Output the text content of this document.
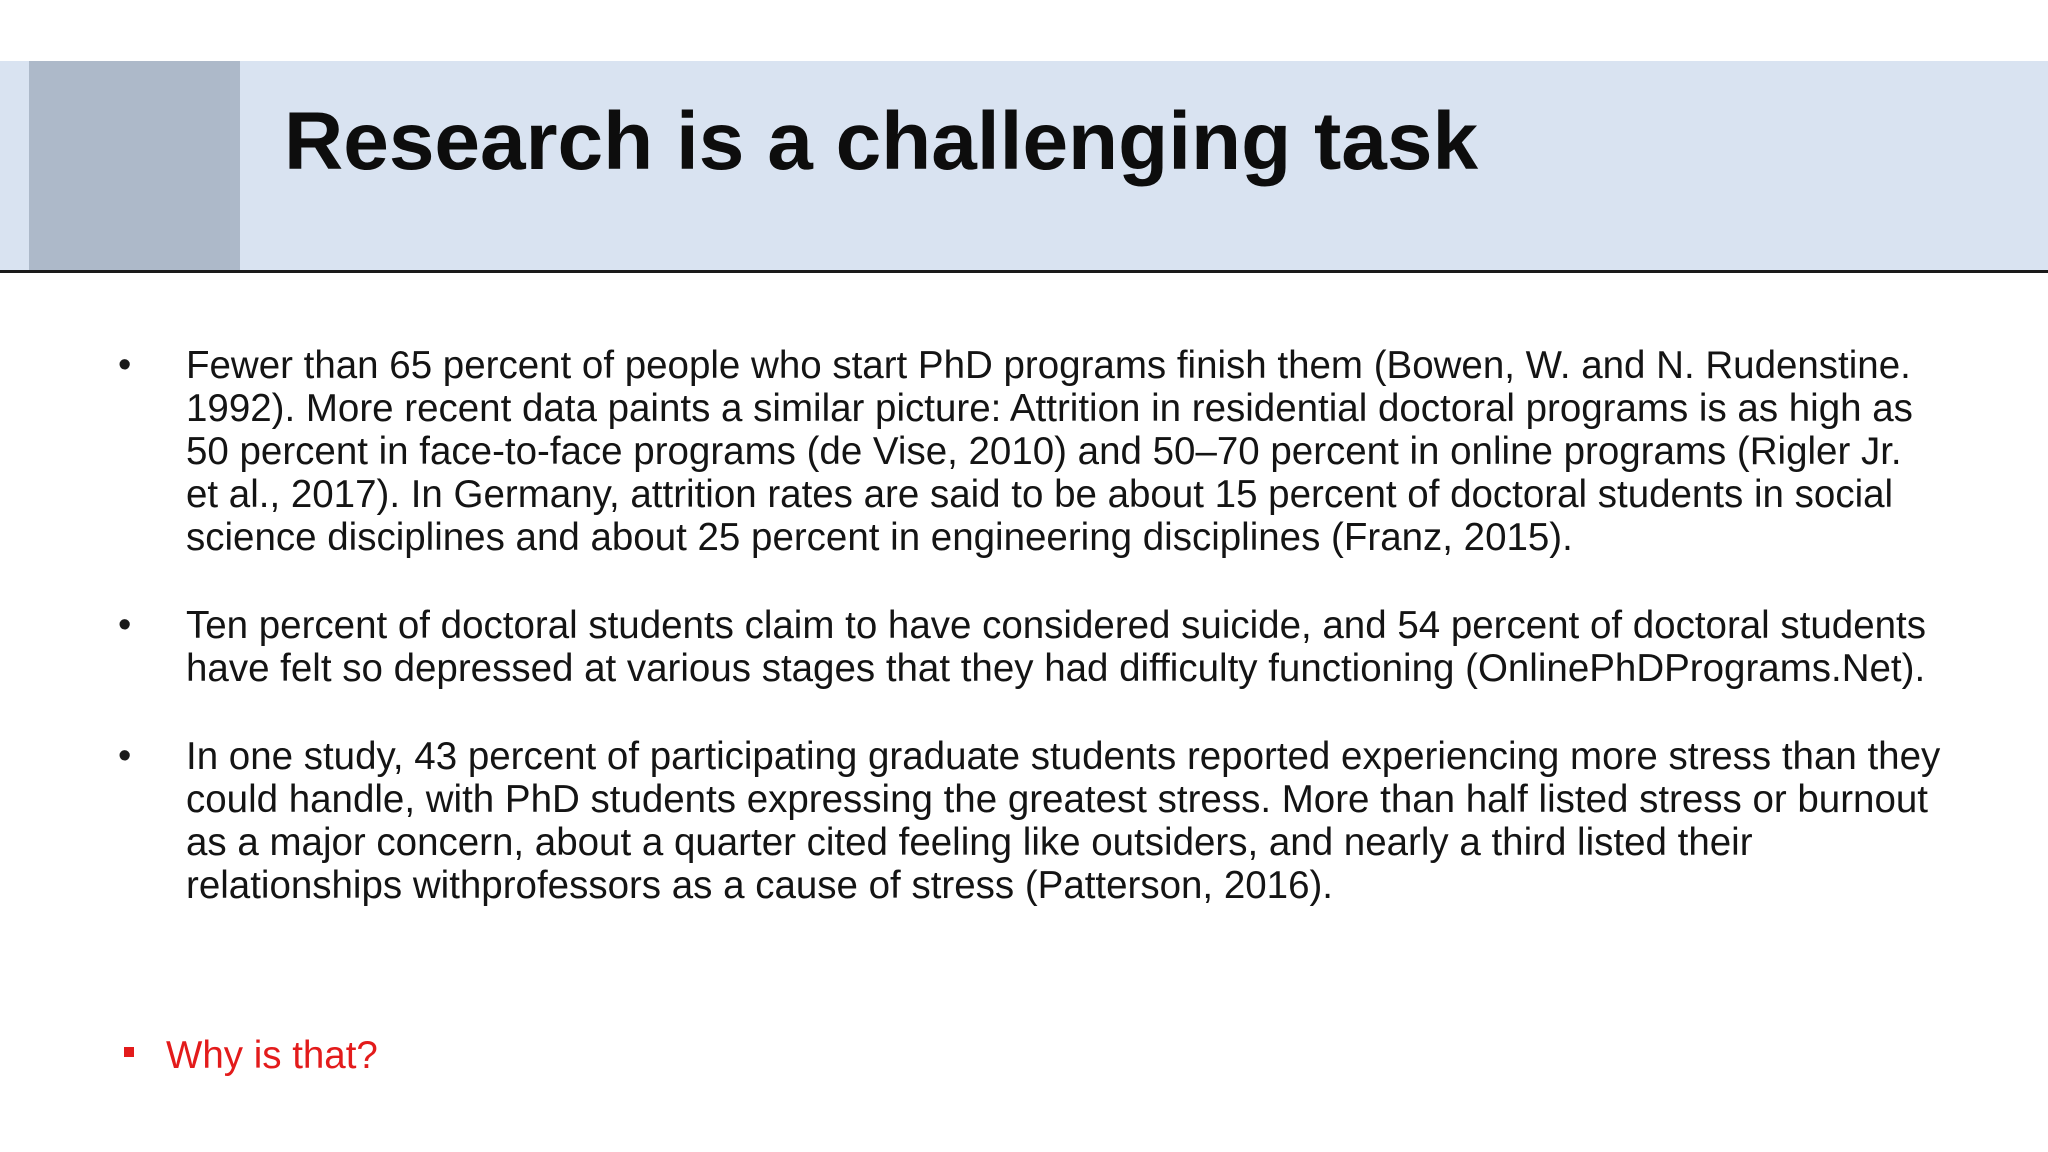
Research is a challenging task
• Fewer than 65 percent of people who start PhD programs finish them (Bowen, W. and N. Rudenstine.
1992). More recent data paints a similar picture: Attrition in residential doctoral programs is as high as
50 percent in face-to-face programs (de Vise, 2010) and 50–70 percent in online programs (Rigler Jr.
et al., 2017). In Germany, attrition rates are said to be about 15 percent of doctoral students in social
science disciplines and about 25 percent in engineering disciplines (Franz, 2015).

• Ten percent of doctoral students claim to have considered suicide, and 54 percent of doctoral students
have felt so depressed at various stages that they had difficulty functioning (OnlinePhDPrograms.Net).

• In one study, 43 percent of participating graduate students reported experiencing more stress than they
could handle, with PhD students expressing the greatest stress. More than half listed stress or burnout
as a major concern, about a quarter cited feeling like outsiders, and nearly a third listed their
relationships withprofessors as a cause of stress (Patterson, 2016).

Why is that?
